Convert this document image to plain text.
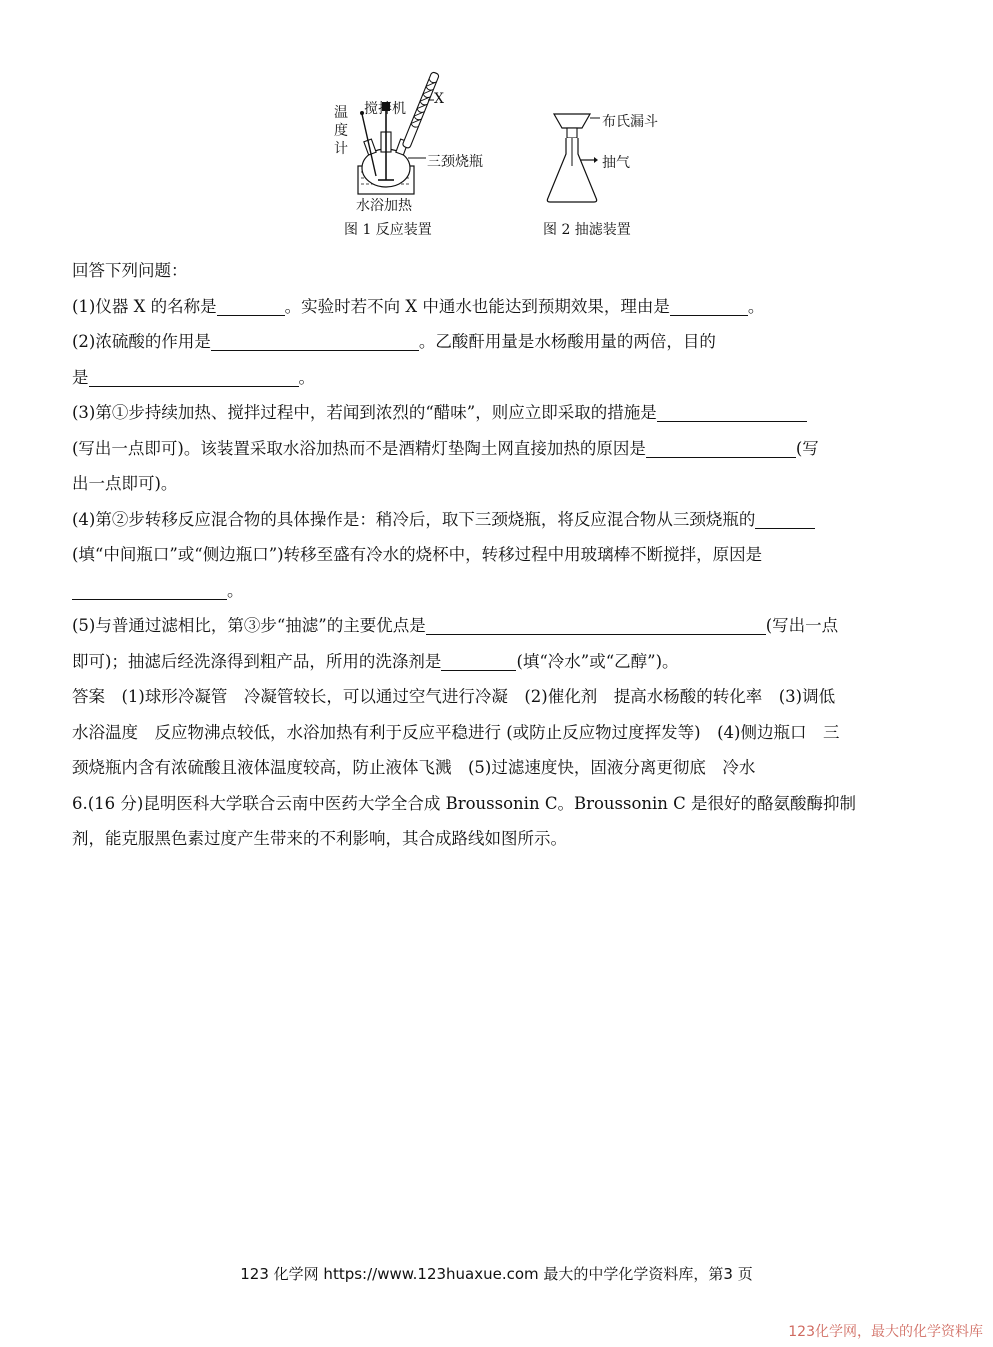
温
度
计
搅拌机
X
三颈烧瓶
水浴加热
图 1 反应装置
布氏漏斗
抽气
图 2 抽滤装置

回答下列问题：

(1)仪器 X 的名称是	。实验时若不向 X 中通水也能达到预期效果，理由是	。

(2)浓硫酸的作用是	。乙酸酐用量是水杨酸用量的两倍，目的

是	。

(3)第①步持续加热、搅拌过程中，若闻到浓烈的“醋味”，则应立即采取的措施是

(写出一点即可)。该装置采取水浴加热而不是酒精灯垫陶土网直接加热的原因是	(写

出一点即可)。

(4)第②步转移反应混合物的具体操作是：稍冷后，取下三颈烧瓶，将反应混合物从三颈烧瓶的

(填“中间瓶口”或“侧边瓶口”)转移至盛有冷水的烧杯中，转移过程中用玻璃棒不断搅拌，原因是

。

(5)与普通过滤相比，第③步“抽滤”的主要优点是	(写出一点

即可)；抽滤后经洗涤得到粗产品，所用的洗涤剂是	(填“冷水”或“乙醇”)。

答案　(1)球形冷凝管　冷凝管较长，可以通过空气进行冷凝　(2)催化剂　提高水杨酸的转化率　(3)调低

水浴温度　反应物沸点较低，水浴加热有利于反应平稳进行 (或防止反应物过度挥发等)　(4)侧边瓶口　三

颈烧瓶内含有浓硫酸且液体温度较高，防止液体飞溅　(5)过滤速度快，固液分离更彻底　冷水

6.(16 分)昆明医科大学联合云南中医药大学全合成 Broussonin C。Broussonin C 是很好的酪氨酸酶抑制

剂，能克服黑色素过度产生带来的不利影响，其合成路线如图所示。

123 化学网 https://www.123huaxue.com 最大的中学化学资料库，第3 页
123化学网，最大的化学资料库
